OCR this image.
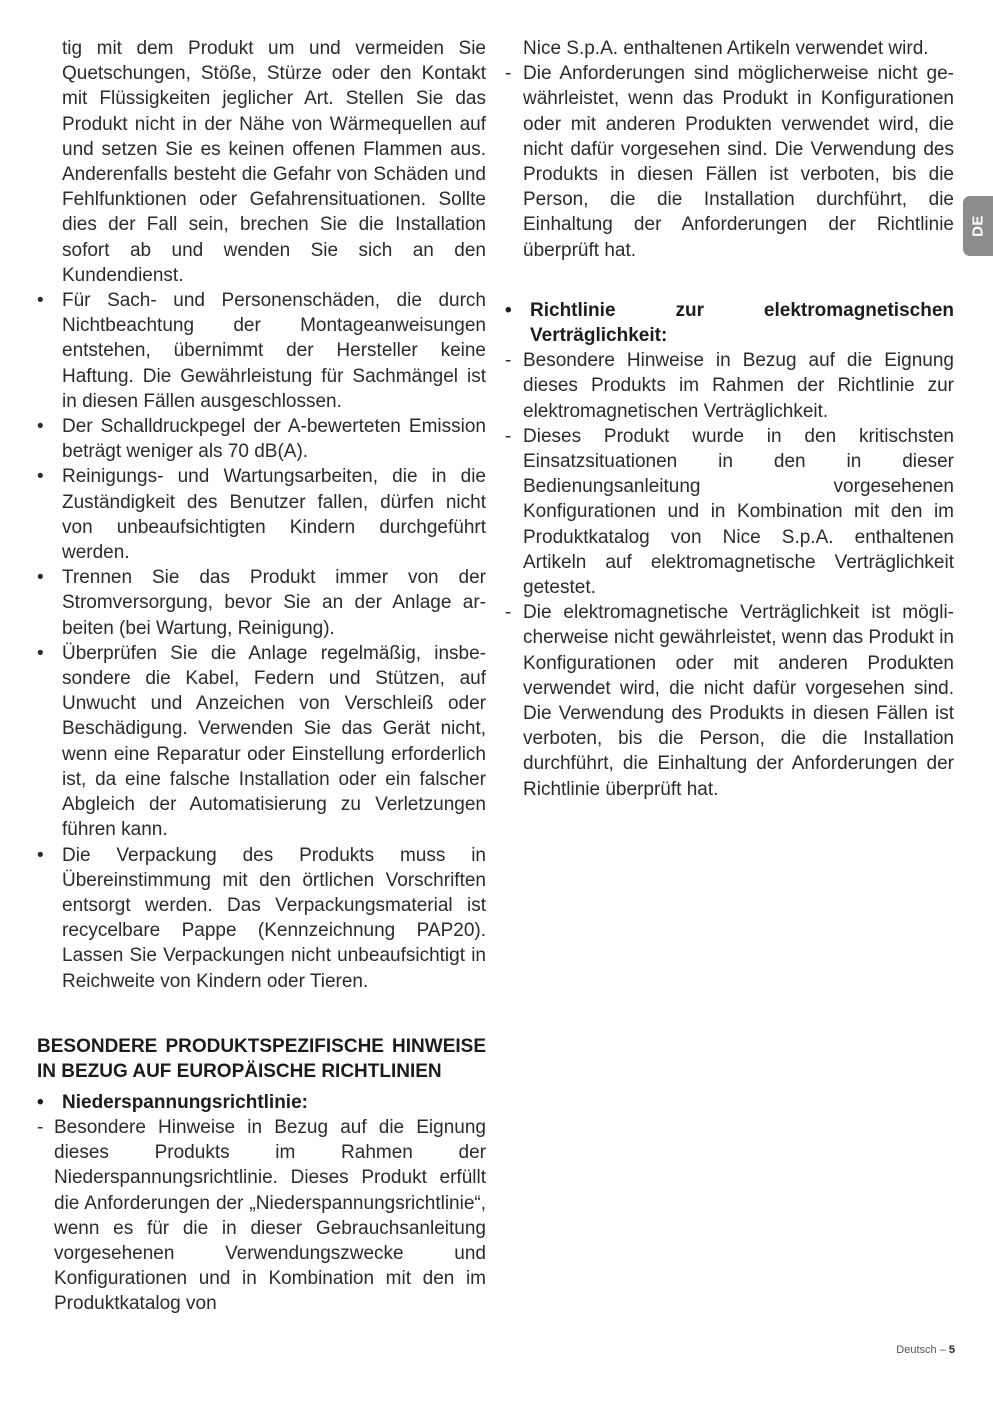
DE

tig mit dem Produkt um und vermeiden Sie Quetschungen, Stöße, Stürze oder den Kontakt mit Flüssigkeiten jeglicher Art. Stellen Sie das Produkt nicht in der Nähe von Wärmequellen auf und setzen Sie es keinen offenen Flammen aus. Anderenfalls besteht die Gefahr von Schäden und Fehlfunktionen oder Gefahrensituationen. Sollte dies der Fall sein, brechen Sie die Installation sofort ab und wenden Sie sich an den Kundendienst.

• Für Sach- und Personenschäden, die durch Nichtbeachtung der Montageanweisungen entstehen, übernimmt der Hersteller keine Haftung. Die Gewährleistung für Sachmängel ist in diesen Fällen ausgeschlossen.
• Der Schalldruckpegel der A-bewerteten Emission beträgt weniger als 70 dB(A).
• Reinigungs- und Wartungsarbeiten, die in die Zuständigkeit des Benutzer fallen, dürfen nicht von unbeaufsichtigten Kindern durchgeführt werden.
• Trennen Sie das Produkt immer von der Stromversorgung, bevor Sie an der Anlage arbeiten (bei Wartung, Reinigung).
• Überprüfen Sie die Anlage regelmäßig, insbesondere die Kabel, Federn und Stützen, auf Unwucht und Anzeichen von Verschleiß oder Beschädigung. Verwenden Sie das Gerät nicht, wenn eine Reparatur oder Einstellung erforderlich ist, da eine falsche Installation oder ein falscher Abgleich der Automatisierung zu Verletzungen führen kann.
• Die Verpackung des Produkts muss in Übereinstimmung mit den örtlichen Vorschriften entsorgt werden. Das Verpackungsmaterial ist recycelbare Pappe (Kennzeichnung PAP20). Lassen Sie Verpackungen nicht unbeaufsichtigt in Reichweite von Kindern oder Tieren.
BESONDERE PRODUKTSPEZIFISCHE HINWEISE IN BEZUG AUF EUROPÄISCHE RICHTLINIEN
• Niederspannungsrichtlinie:
- Besondere Hinweise in Bezug auf die Eignung dieses Produkts im Rahmen der Niederspannungsrichtlinie. Dieses Produkt erfüllt die Anforderungen der „Niederspannungsrichtlinie“, wenn es für die in dieser Gebrauchsanleitung vorgesehenen Verwendungszwecke und Konfigurationen und in Kombination mit den im Produktkatalog von

Nice S.p.A. enthaltenen Artikeln verwendet wird.

- Die Anforderungen sind möglicherweise nicht gewährleistet, wenn das Produkt in Konfigurationen oder mit anderen Produkten verwendet wird, die nicht dafür vorgesehen sind. Die Verwendung des Produkts in diesen Fällen ist verboten, bis die Person, die die Installation durchführt, die Einhaltung der Anforderungen der Richtlinie überprüft hat.
• Richtlinie zur elektromagnetischen Verträglichkeit:
- Besondere Hinweise in Bezug auf die Eignung dieses Produkts im Rahmen der Richtlinie zur elektromagnetischen Verträglichkeit.
- Dieses Produkt wurde in den kritischsten Einsatzsituationen in den in dieser Bedienungsanleitung vorgesehenen Konfigurationen und in Kombination mit den im Produktkatalog von Nice S.p.A. enthaltenen Artikeln auf elektromagnetische Verträglichkeit getestet.
- Die elektromagnetische Verträglichkeit ist möglicherweise nicht gewährleistet, wenn das Produkt in Konfigurationen oder mit anderen Produkten verwendet wird, die nicht dafür vorgesehen sind. Die Verwendung des Produkts in diesen Fällen ist verboten, bis die Person, die die Installation durchführt, die Einhaltung der Anforderungen der Richtlinie überprüft hat.
Deutsch – 5
